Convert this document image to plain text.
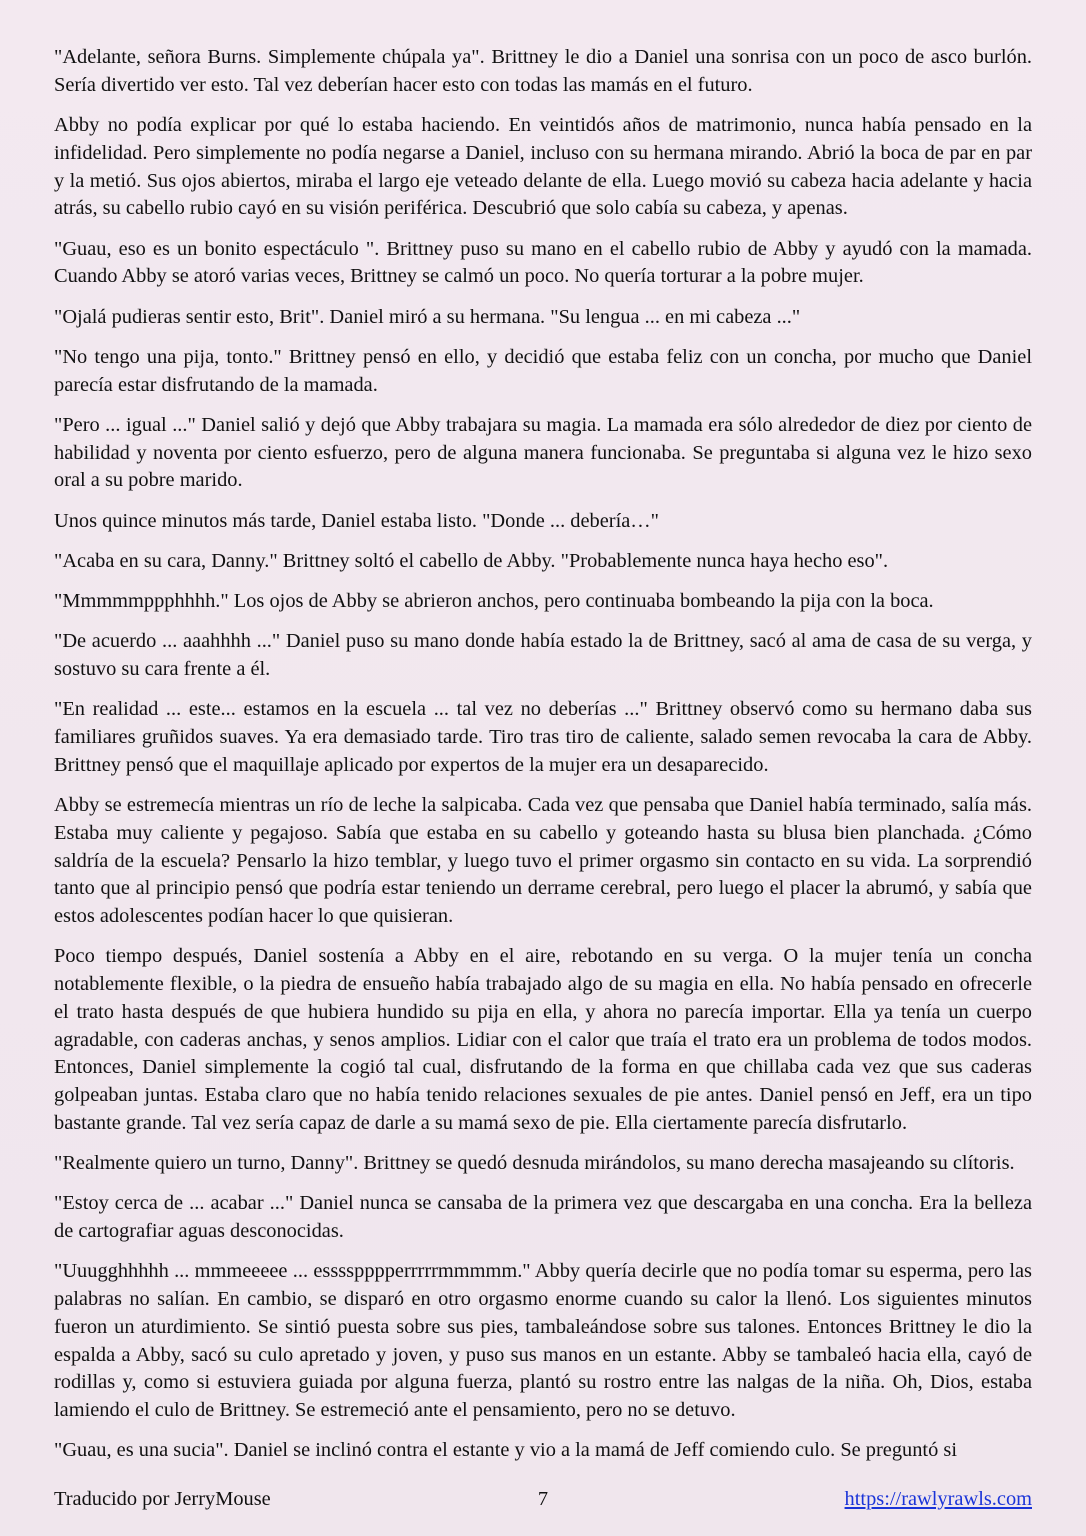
"Adelante, señora Burns. Simplemente chúpala ya". Brittney le dio a Daniel una sonrisa con un poco de asco burlón. Sería divertido ver esto. Tal vez deberían hacer esto con todas las mamás en el futuro.

Abby no podía explicar por qué lo estaba haciendo. En veintidós años de matrimonio, nunca había pensado en la infidelidad. Pero simplemente no podía negarse a Daniel, incluso con su hermana mirando. Abrió la boca de par en par y la metió. Sus ojos abiertos, miraba el largo eje veteado delante de ella. Luego movió su cabeza hacia adelante y hacia atrás, su cabello rubio cayó en su visión periférica. Descubrió que solo cabía su cabeza, y apenas.

"Guau, eso es un bonito espectáculo ". Brittney puso su mano en el cabello rubio de Abby y ayudó con la mamada. Cuando Abby se atoró varias veces, Brittney se calmó un poco. No quería torturar a la pobre mujer.

"Ojalá pudieras sentir esto, Brit". Daniel miró a su hermana. "Su lengua ... en mi cabeza ..."

"No tengo una pija, tonto." Brittney pensó en ello, y decidió que estaba feliz con un concha, por mucho que Daniel parecía estar disfrutando de la mamada.

"Pero ... igual ..." Daniel salió y dejó que Abby trabajara su magia. La mamada era sólo alrededor de diez por ciento de habilidad y noventa por ciento esfuerzo, pero de alguna manera funcionaba. Se preguntaba si alguna vez le hizo sexo oral a su pobre marido.

Unos quince minutos más tarde, Daniel estaba listo. "Donde ... debería…"

"Acaba en su cara, Danny." Brittney soltó el cabello de Abby. "Probablemente nunca haya hecho eso".

"Mmmmmppphhhh." Los ojos de Abby se abrieron anchos, pero continuaba bombeando la pija con la boca.

"De acuerdo ... aaahhhh ..." Daniel puso su mano donde había estado la de Brittney, sacó al ama de casa de su verga, y sostuvo su cara frente a él.

"En realidad ... este... estamos en la escuela ... tal vez no deberías ..." Brittney observó como su hermano daba sus familiares gruñidos suaves. Ya era demasiado tarde. Tiro tras tiro de caliente, salado semen revocaba la cara de Abby. Brittney pensó que el maquillaje aplicado por expertos de la mujer era un desaparecido.

Abby se estremecía mientras un río de leche la salpicaba. Cada vez que pensaba que Daniel había terminado, salía más. Estaba muy caliente y pegajoso. Sabía que estaba en su cabello y goteando hasta su blusa bien planchada. ¿Cómo saldría de la escuela? Pensarlo la hizo temblar, y luego tuvo el primer orgasmo sin contacto en su vida. La sorprendió tanto que al principio pensó que podría estar teniendo un derrame cerebral, pero luego el placer la abrumó, y sabía que estos adolescentes podían hacer lo que quisieran.

Poco tiempo después, Daniel sostenía a Abby en el aire, rebotando en su verga. O la mujer tenía un concha notablemente flexible, o la piedra de ensueño había trabajado algo de su magia en ella. No había pensado en ofrecerle el trato hasta después de que hubiera hundido su pija en ella, y ahora no parecía importar. Ella ya tenía un cuerpo agradable, con caderas anchas, y senos amplios. Lidiar con el calor que traía el trato era un problema de todos modos. Entonces, Daniel simplemente la cogió tal cual, disfrutando de la forma en que chillaba cada vez que sus caderas golpeaban juntas. Estaba claro que no había tenido relaciones sexuales de pie antes. Daniel pensó en Jeff, era un tipo bastante grande. Tal vez sería capaz de darle a su mamá sexo de pie. Ella ciertamente parecía disfrutarlo.

"Realmente quiero un turno, Danny". Brittney se quedó desnuda mirándolos, su mano derecha masajeando su clítoris.

"Estoy cerca de ... acabar ..." Daniel nunca se cansaba de la primera vez que descargaba en una concha. Era la belleza de cartografiar aguas desconocidas.

"Uuugghhhhh ... mmmeeeee ... esssspppperrrrrmmmmm." Abby quería decirle que no podía tomar su esperma, pero las palabras no salían. En cambio, se disparó en otro orgasmo enorme cuando su calor la llenó. Los siguientes minutos fueron un aturdimiento. Se sintió puesta sobre sus pies, tambaleándose sobre sus talones. Entonces Brittney le dio la espalda a Abby, sacó su culo apretado y joven, y puso sus manos en un estante. Abby se tambaleó hacia ella, cayó de rodillas y, como si estuviera guiada por alguna fuerza, plantó su rostro entre las nalgas de la niña. Oh, Dios, estaba lamiendo el culo de Brittney. Se estremeció ante el pensamiento, pero no se detuvo.

"Guau, es una sucia". Daniel se inclinó contra el estante y vio a la mamá de Jeff comiendo culo. Se preguntó si

Traducido por JerryMouse	7	https://rawlyrawls.com
